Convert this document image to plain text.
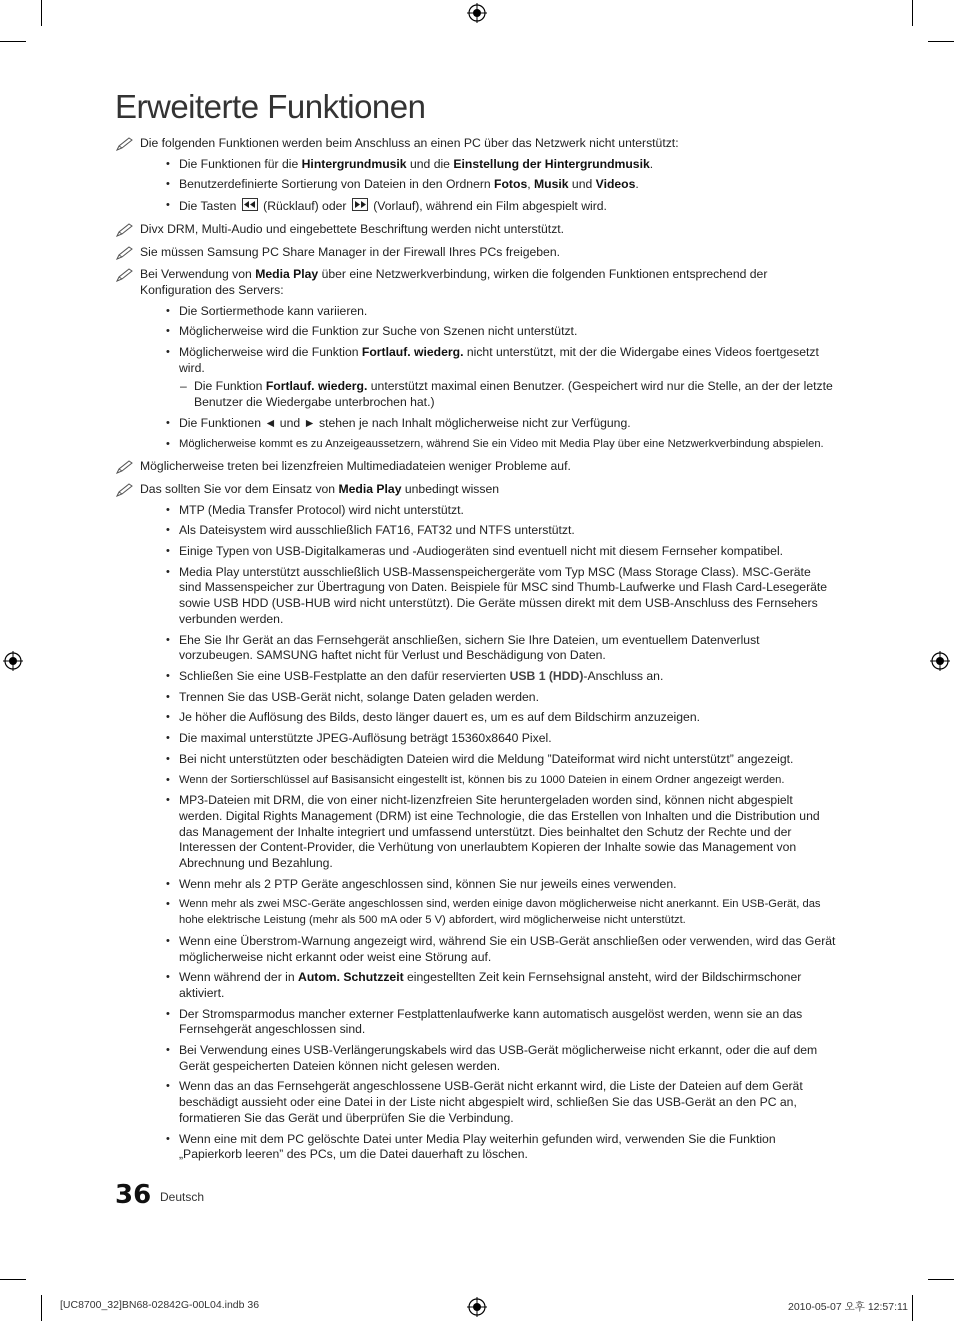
Erweiterte Funktionen
Die folgenden Funktionen werden beim Anschluss an einen PC über das Netzwerk nicht unterstützt:
• Die Funktionen für die Hintergrundmusik und die Einstellung der Hintergrundmusik.
• Benutzerdefinierte Sortierung von Dateien in den Ordnern Fotos, Musik und Videos.
• Die Tasten  (Rücklauf) oder  (Vorlauf), während ein Film abgespielt wird.
Divx DRM, Multi-Audio und eingebettete Beschriftung werden nicht unterstützt.
Sie müssen Samsung PC Share Manager in der Firewall Ihres PCs freigeben.
Bei Verwendung von Media Play über eine Netzwerkverbindung, wirken die folgenden Funktionen entsprechend der Konfiguration des Servers:
• Die Sortiermethode kann variieren.
• Möglicherweise wird die Funktion zur Suche von Szenen nicht unterstützt.
• Möglicherweise wird die Funktion Fortlauf. wiederg. nicht unterstützt, mit der die Widergabe eines Videos foertgesetzt wird.
– Die Funktion Fortlauf. wiederg. unterstützt maximal einen Benutzer. (Gespeichert wird nur die Stelle, an der der letzte Benutzer die Wiedergabe unterbrochen hat.)
• Die Funktionen ◄ und ► stehen je nach Inhalt möglicherweise nicht zur Verfügung.
• Möglicherweise kommt es zu Anzeigeaussetzern, während Sie ein Video mit Media Play über eine Netzwerkverbindung abspielen.
Möglicherweise treten bei lizenzfreien Multimediadateien weniger Probleme auf.
Das sollten Sie vor dem Einsatz von Media Play unbedingt wissen
• MTP (Media Transfer Protocol) wird nicht unterstützt.
• Als Dateisystem wird ausschließlich FAT16, FAT32 und NTFS unterstützt.
• Einige Typen von USB-Digitalkameras und -Audiogeräten sind eventuell nicht mit diesem Fernseher kompatibel.
• Media Play unterstützt ausschließlich USB-Massenspeichergeräte vom Typ MSC (Mass Storage Class). MSC-Geräte sind Massenspeicher zur Übertragung von Daten. Beispiele für MSC sind Thumb-Laufwerke und Flash Card-Lesegeräte sowie USB HDD (USB-HUB wird nicht unterstützt). Die Geräte müssen direkt mit dem USB-Anschluss des Fernsehers verbunden werden.
• Ehe Sie Ihr Gerät an das Fernsehgerät anschließen, sichern Sie Ihre Dateien, um eventuellem Datenverlust vorzubeugen. SAMSUNG haftet nicht für Verlust und Beschädigung von Daten.
• Schließen Sie eine USB-Festplatte an den dafür reservierten USB 1 (HDD)-Anschluss an.
• Trennen Sie das USB-Gerät nicht, solange Daten geladen werden.
• Je höher die Auflösung des Bilds, desto länger dauert es, um es auf dem Bildschirm anzuzeigen.
• Die maximal unterstützte JPEG-Auflösung beträgt 15360x8640 Pixel.
• Bei nicht unterstützten oder beschädigten Dateien wird die Meldung ”Dateiformat wird nicht unterstützt” angezeigt.
• Wenn der Sortierschlüssel auf Basisansicht eingestellt ist, können bis zu 1000 Dateien in einem Ordner angezeigt werden.
• MP3-Dateien mit DRM, die von einer nicht-lizenzfreien Site heruntergeladen worden sind, können nicht abgespielt werden. Digital Rights Management (DRM) ist eine Technologie, die das Erstellen von Inhalten und die Distribution und das Management der Inhalte integriert und umfassend unterstützt. Dies beinhaltet den Schutz der Rechte und der Interessen der Content-Provider, die Verhütung von unerlaubtem Kopieren der Inhalte sowie das Management von Abrechnung und Bezahlung.
• Wenn mehr als 2 PTP Geräte angeschlossen sind, können Sie nur jeweils eines verwenden.
• Wenn mehr als zwei MSC-Geräte angeschlossen sind, werden einige davon möglicherweise nicht anerkannt. Ein USB-Gerät, das hohe elektrische Leistung (mehr als 500 mA oder 5 V) abfordert, wird möglicherweise nicht unterstützt.
• Wenn eine Überstrom-Warnung angezeigt wird, während Sie ein USB-Gerät anschließen oder verwenden, wird das Gerät möglicherweise nicht erkannt oder weist eine Störung auf.
• Wenn während der in Autom. Schutzzeit eingestellten Zeit kein Fernsehsignal ansteht, wird der Bildschirmschoner aktiviert.
• Der Stromsparmodus mancher externer Festplattenlaufwerke kann automatisch ausgelöst werden, wenn sie an das Fernsehgerät angeschlossen sind.
• Bei Verwendung eines USB-Verlängerungskabels wird das USB-Gerät möglicherweise nicht erkannt, oder die auf dem Gerät gespeicherten Dateien können nicht gelesen werden.
• Wenn das an das Fernsehgerät angeschlossene USB-Gerät nicht erkannt wird, die Liste der Dateien auf dem Gerät beschädigt aussieht oder eine Datei in der Liste nicht abgespielt wird, schließen Sie das USB-Gerät an den PC an, formatieren Sie das Gerät und überprüfen Sie die Verbindung.
• Wenn eine mit dem PC gelöschte Datei unter Media Play weiterhin gefunden wird, verwenden Sie die Funktion „Papierkorb leeren” des PCs, um die Datei dauerhaft zu löschen.
36 Deutsch
[UC8700_32]BN68-02842G-00L04.indb 36	2010-05-07 오후 12:57:11
